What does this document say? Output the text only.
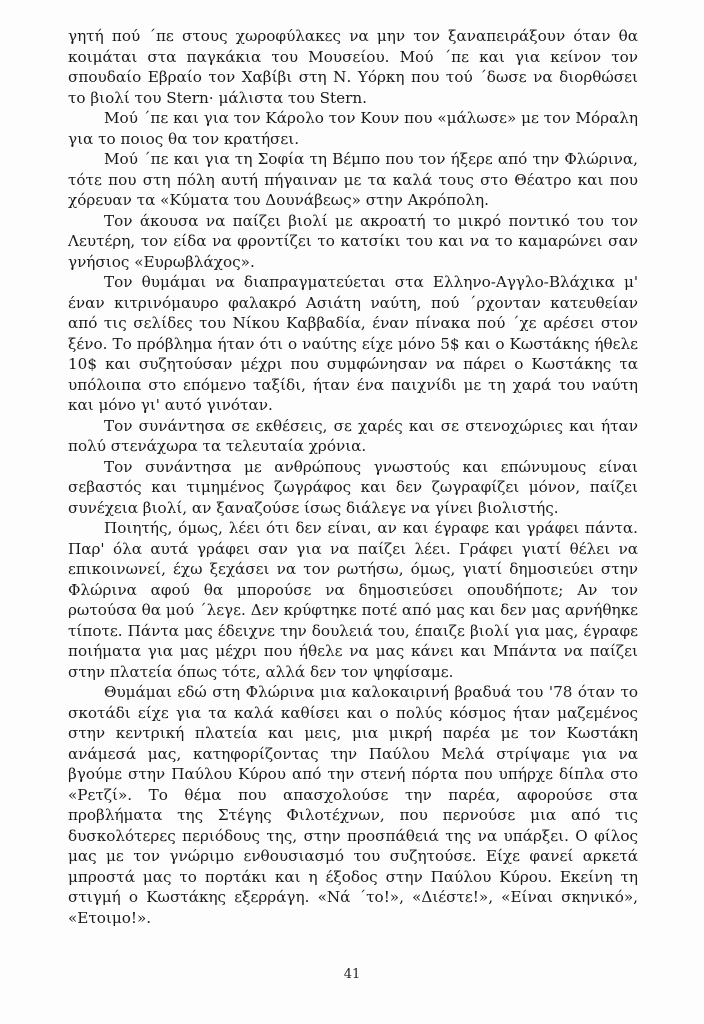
γητή πού ΄πε στους χωροφύλακες να μην τον ξαναπειράξουν όταν θα κοιμάται στα παγκάκια του Μουσείου. Μού ΄πε και για κείνον τον σπουδαίο Εβραίο τον Χαβίβι στη Ν. Υόρκη που τού ΄δωσε να διορθώσει το βιολί του Stern· μάλιστα του Stern.

Μού ΄πε και για τον Κάρολο τον Κουν που «μάλωσε» με τον Μόραλη για το ποιος θα τον κρατήσει.

Μού ΄πε και για τη Σοφία τη Βέμπο που τον ήξερε από την Φλώρινα, τότε που στη πόλη αυτή πήγαιναν με τα καλά τους στο Θέατρο και που χόρευαν τα «Κύματα του Δουνάβεως» στην Ακρόπολη.

Τον άκουσα να παίζει βιολί με ακροατή το μικρό ποντικό του τον Λευτέρη, τον είδα να φροντίζει το κατσίκι του και να το καμαρώνει σαν γνήσιος «Ευρωβλάχος».

Τον θυμάμαι να διαπραγματεύεται στα Ελληνο-Αγγλο-Βλάχικα μ' έναν κιτρινόμαυρο φαλακρό Ασιάτη ναύτη, πού ΄ρχονταν κατευθείαν από τις σελίδες του Νίκου Καββαδία, έναν πίνακα πού ΄χε αρέσει στον ξένο. Το πρόβλημα ήταν ότι ο ναύτης είχε μόνο 5$ και ο Κωστάκης ήθελε 10$ και συζητούσαν μέχρι που συμφώνησαν να πάρει ο Κωστάκης τα υπόλοιπα στο επόμενο ταξίδι, ήταν ένα παιχνίδι με τη χαρά του ναύτη και μόνο γι' αυτό γινόταν.

Τον συνάντησα σε εκθέσεις, σε χαρές και σε στενοχώριες και ήταν πολύ στενάχωρα τα τελευταία χρόνια.

Τον συνάντησα με ανθρώπους γνωστούς και επώνυμους είναι σεβαστός και τιμημένος ζωγράφος και δεν ζωγραφίζει μόνον, παίζει συνέχεια βιολί, αν ξαναζούσε ίσως διάλεγε να γίνει βιολιστής.

Ποιητής, όμως, λέει ότι δεν είναι, αν και έγραφε και γράφει πάντα. Παρ' όλα αυτά γράφει σαν για να παίζει λέει. Γράφει γιατί θέλει να επικοινωνεί, έχω ξεχάσει να τον ρωτήσω, όμως, γιατί δημοσιεύει στην Φλώρινα αφού θα μπορούσε να δημοσιεύσει οπουδήποτε; Αν τον ρωτούσα θα μού ΄λεγε. Δεν κρύφτηκε ποτέ από μας και δεν μας αρνήθηκε τίποτε. Πάντα μας έδειχνε την δουλειά του, έπαιζε βιολί για μας, έγραφε ποιήματα για μας μέχρι που ήθελε να μας κάνει και Μπάντα να παίζει στην πλατεία όπως τότε, αλλά δεν τον ψηφίσαμε.

Θυμάμαι εδώ στη Φλώρινα μια καλοκαιρινή βραδυά του '78 όταν το σκοτάδι είχε για τα καλά καθίσει και ο πολύς κόσμος ήταν μαζεμένος στην κεντρική πλατεία και μεις, μια μικρή παρέα με τον Κωστάκη ανάμεσά μας, κατηφορίζοντας την Παύλου Μελά στρίψαμε για να βγούμε στην Παύλου Κύρου από την στενή πόρτα που υπήρχε δίπλα στο «Ρετζί». Το θέμα που απασχολούσε την παρέα, αφορούσε στα προβλήματα της Στέγης Φιλοτέχνων, που περνούσε μια από τις δυσκολότερες περιόδους της, στην προσπάθειά της να υπάρξει. Ο φίλος μας με τον γνώριμο ενθουσιασμό του συζητούσε. Είχε φανεί αρκετά μπροστά μας το πορτάκι και η έξοδος στην Παύλου Κύρου. Εκείνη τη στιγμή ο Κωστάκης εξερράγη. «Νά ΄το!», «Διέστε!», «Είναι σκηνικό», «Ετοιμο!».

41
